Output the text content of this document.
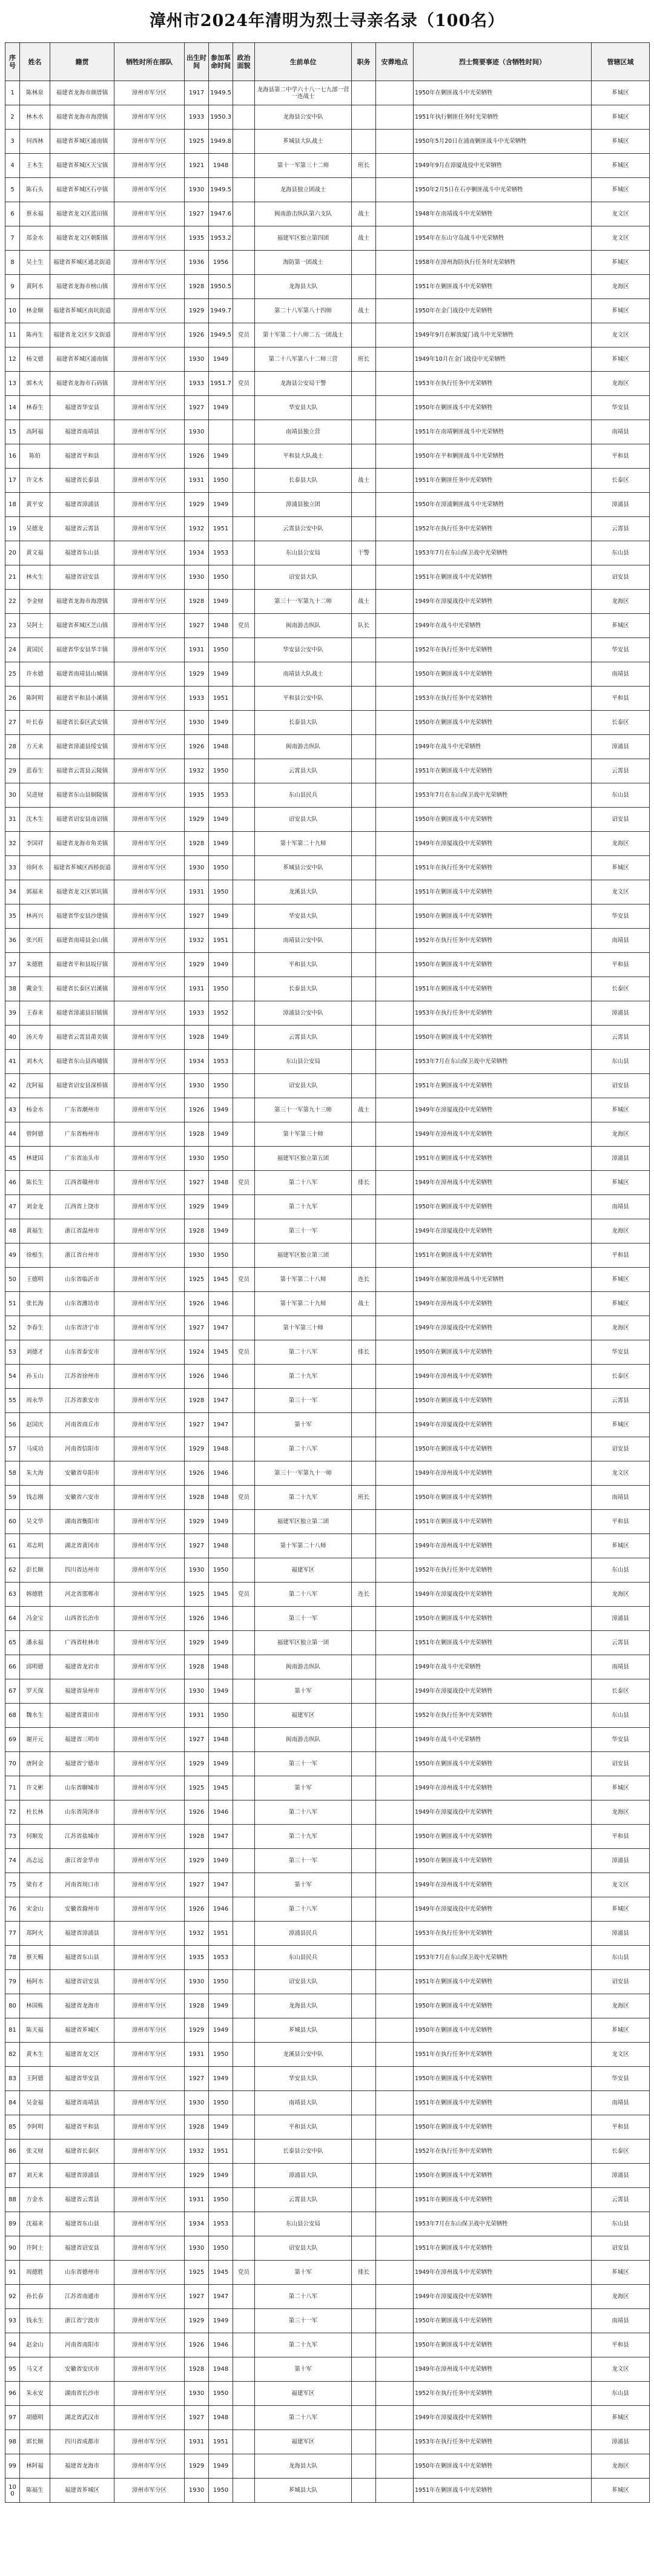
漳州市2024年清明为烈士寻亲名录（100名）
序号	姓名	籍贯	牺牲时所在部队	出生时间	参加革命时间	政治面貌	生前单位	职务	安葬地点	烈士简要事迹（含牺牲时间）	管辖区域
1	陈林泉	福建省龙海市颜厝镇	漳州市军分区	1917	1949.5		龙海县第二中学六十八一七九部一营一连战士			1950年在剿匪战斗中光荣牺牲	芗城区
2	林木水	福建省龙海市海澄镇	漳州市军分区	1933	1950.3		龙海县公安中队			1951年执行剿匪任务时光荣牺牲	芗城区
3	何西林	福建省芗城区浦南镇	漳州市军分区	1925	1949.8		芗城县大队战士			1950年5月20日在浦南剿匪战斗中光荣牺牲	芗城区
4	王木生	福建省芗城区天宝镇	漳州市军分区	1921	1948		第十一军第三十二师	班长		1949年9月在漳厦战役中光荣牺牲	芗城区
5	陈石头	福建省芗城区石亭镇	漳州市军分区	1930	1949.5		龙海县独立团战士			1950年2月5日在石亭剿匪战斗中光荣牺牲	芗城区
6	蔡永福	福建省龙文区蓝田镇	漳州市军分区	1927	1947.6		闽南游击纵队第六支队	战士		1948年在南靖战斗中光荣牺牲	龙文区
7	郑金水	福建省龙文区朝阳镇	漳州市军分区	1935	1953.2		福建军区独立第四团	战士		1954年在东山守岛战斗中光荣牺牲	龙文区
8	吴土生	福建省芗城区通北街道	漳州市军分区	1936	1956		海防第一团战士			1958年在漳州海防执行任务时光荣牺牲	芗城区
9	黄阿水	福建省龙海市榜山镇	漳州市军分区	1928	1950.5		龙海县大队			1951年在剿匪战斗中光荣牺牲	龙海区
10	林金顺	福建省芗城区南坑街道	漳州市军分区	1929	1949.7		第二十八军第八十四师	战士		1950年在金门战役中光荣牺牲	芗城区
11	陈再生	福建省龙文区步文街道	漳州市军分区	1926	1949.5	党员	第十军第二十八师二五一团战士			1949年9月在解放厦门战斗中光荣牺牲	龙文区
12	杨文德	福建省芗城区浦南镇	漳州市军分区	1930	1949		第二十八军第八十二师三营	班长		1949年10月在金门战役中光荣牺牲	芗城区
13	郭木火	福建省龙海市石码镇	漳州市军分区	1933	1951.7	党员	龙海县公安局干警			1953年在执行任务中光荣牺牲	龙海区
14	林春生	福建省华安县	漳州市军分区	1927	1949		华安县大队			1950年在剿匪战斗中光荣牺牲	华安县
15	高阿福	福建省南靖县	漳州市军分区	1930			南靖县独立营			1951年在南靖剿匪战斗中光荣牺牲	南靖县
16	陈伯	福建省平和县	漳州市军分区	1926	1949		平和县大队战士			1950年在平和剿匪战斗中光荣牺牲	平和县
17	许文木	福建省长泰县	漳州市军分区	1931	1950		长泰县大队	战士		1951年在剿匪任务中光荣牺牲	长泰区
18	黄平安	福建省漳浦县	漳州市军分区	1929	1949		漳浦县独立团			1950年在漳浦剿匪战斗中光荣牺牲	漳浦县
19	吴德龙	福建省云霄县	漳州市军分区	1932	1951		云霄县公安中队			1952年在执行任务中光荣牺牲	云霄县
20	黄文福	福建省东山县	漳州市军分区	1934	1953		东山县公安局	干警		1953年7月在东山保卫战中光荣牺牲	东山县
21	林火生	福建省诏安县	漳州市军分区	1930	1950		诏安县大队			1951年在剿匪战斗中光荣牺牲	诏安县
22	李金财	福建省龙海市海澄镇	漳州市军分区	1928	1949		第三十一军第九十二师	战士		1949年在漳厦战役中光荣牺牲	龙海区
23	吴阿土	福建省芗城区芝山镇	漳州市军分区	1927	1948	党员	闽南游击纵队	队长		1949年在战斗中光荣牺牲	芗城区
24	黄国民	福建省华安县华丰镇	漳州市军分区	1931	1950		华安县公安中队			1952年在执行任务中光荣牺牲	华安县
25	许水德	福建省南靖县山城镇	漳州市军分区	1929	1949		南靖县大队战士			1950年在剿匪战斗中光荣牺牲	南靖县
26	陈阿明	福建省平和县小溪镇	漳州市军分区	1933	1951		平和县公安中队			1953年在执行任务中光荣牺牲	平和县
27	叶长春	福建省长泰区武安镇	漳州市军分区	1930	1949		长泰县大队			1950年在剿匪战斗中光荣牺牲	长泰区
28	方天来	福建省漳浦县绥安镇	漳州市军分区	1926	1948		闽南游击纵队			1949年在战斗中光荣牺牲	漳浦县
29	蓝春生	福建省云霄县云陵镇	漳州市军分区	1932	1950		云霄县大队			1951年在剿匪战斗中光荣牺牲	云霄县
30	吴进财	福建省东山县铜陵镇	漳州市军分区	1935	1953		东山县民兵			1953年7月在东山保卫战中光荣牺牲	东山县
31	沈木生	福建省诏安县南诏镇	漳州市军分区	1929	1949		诏安县大队			1950年在剿匪战斗中光荣牺牲	诏安县
32	李国祥	福建省龙海市角美镇	漳州市军分区	1928	1949		第十军第二十九师			1949年在漳厦战役中光荣牺牲	龙海区
33	徐阿水	福建省芗城区西桥街道	漳州市军分区	1930	1950		芗城县公安中队			1951年在执行任务中光荣牺牲	芗城区
34	郭福来	福建省龙文区郭坑镇	漳州市军分区	1931	1950		龙溪县大队			1951年在剿匪战斗中光荣牺牲	龙文区
35	林再兴	福建省华安县沙建镇	漳州市军分区	1927	1949		华安县大队			1950年在剿匪战斗中光荣牺牲	华安县
36	张兴旺	福建省南靖县金山镇	漳州市军分区	1932	1951		南靖县公安中队			1952年在执行任务中光荣牺牲	南靖县
37	朱德胜	福建省平和县坂仔镇	漳州市军分区	1929	1949		平和县大队			1950年在剿匪战斗中光荣牺牲	平和县
38	戴金生	福建省长泰区岩溪镇	漳州市军分区	1931	1950		长泰县大队			1951年在剿匪战斗中光荣牺牲	长泰区
39	王春来	福建省漳浦县旧镇镇	漳州市军分区	1933	1952		漳浦县公安中队			1953年在执行任务中光荣牺牲	漳浦县
40	汤天寿	福建省云霄县莆美镇	漳州市军分区	1928	1949		云霄县大队			1950年在剿匪战斗中光荣牺牲	云霄县
41	刘木火	福建省东山县西埔镇	漳州市军分区	1934	1953		东山县公安局			1953年7月在东山保卫战中光荣牺牲	东山县
42	沈阿福	福建省诏安县深桥镇	漳州市军分区	1930	1950		诏安县大队			1951年在剿匪战斗中光荣牺牲	诏安县
43	杨金水	广东省潮州市	漳州市军分区	1926	1949		第三十一军第九十三师	战士		1949年在漳厦战役中光荣牺牲	芗城区
44	曾阿德	广东省梅州市	漳州市军分区	1928	1949		第十军第三十师			1949年在漳州战斗中光荣牺牲	龙海区
45	林建国	广东省汕头市	漳州市军分区	1930	1950		福建军区独立第五团			1951年在剿匪战斗中光荣牺牲	漳浦县
46	陈长生	江西省赣州市	漳州市军分区	1927	1948	党员	第二十八军	排长		1949年在漳州战斗中光荣牺牲	芗城区
47	刘金龙	江西省上饶市	漳州市军分区	1929	1949		第二十九军			1950年在剿匪战斗中光荣牺牲	南靖县
48	黄福生	浙江省温州市	漳州市军分区	1928	1949		第三十一军			1949年在漳厦战役中光荣牺牲	龙海区
49	徐根生	浙江省台州市	漳州市军分区	1930	1950		福建军区独立第三团			1951年在剿匪战斗中光荣牺牲	平和县
50	王德明	山东省临沂市	漳州市军分区	1925	1945	党员	第十军第二十八师	连长		1949年在解放漳州战斗中光荣牺牲	芗城区
51	张长海	山东省潍坊市	漳州市军分区	1926	1946		第十军第二十九师	战士		1949年在漳州战斗中光荣牺牲	芗城区
52	李春生	山东省济宁市	漳州市军分区	1927	1947		第十军第三十师			1949年在漳厦战役中光荣牺牲	龙海区
53	刘德才	山东省泰安市	漳州市军分区	1924	1945	党员	第二十八军	排长		1950年在剿匪战斗中光荣牺牲	华安县
54	孙玉山	江苏省徐州市	漳州市军分区	1926	1946		第二十九军			1949年在漳州战斗中光荣牺牲	长泰区
55	周永华	江苏省淮安市	漳州市军分区	1928	1947		第三十一军			1950年在剿匪战斗中光荣牺牲	云霄县
56	赵国庆	河南省商丘市	漳州市军分区	1927	1947		第十军			1949年在漳厦战役中光荣牺牲	芗城区
57	马成功	河南省信阳市	漳州市军分区	1929	1948		第二十八军			1950年在剿匪战斗中光荣牺牲	诏安县
58	朱大海	安徽省阜阳市	漳州市军分区	1926	1946		第三十一军第九十一师			1949年在漳州战斗中光荣牺牲	龙文区
59	钱志刚	安徽省六安市	漳州市军分区	1928	1948	党员	第二十九军	班长		1950年在剿匪战斗中光荣牺牲	南靖县
60	吴文华	湖南省衡阳市	漳州市军分区	1929	1949		福建军区独立第二团			1951年在剿匪战斗中光荣牺牲	平和县
61	邓志明	湖北省黄冈市	漳州市军分区	1927	1948		第十军第二十八师			1949年在漳州战斗中光荣牺牲	芗城区
62	彭长顺	四川省达州市	漳州市军分区	1930	1950		福建军区			1952年在执行任务中光荣牺牲	东山县
63	韩德胜	河北省邯郸市	漳州市军分区	1925	1945	党员	第二十八军	连长		1949年在漳厦战役中光荣牺牲	龙海区
64	冯金宝	山西省长治市	漳州市军分区	1926	1946		第三十一军			1950年在剿匪战斗中光荣牺牲	漳浦县
65	潘永福	广西省桂林市	漳州市军分区	1929	1949		福建军区独立第一团			1951年在剿匪战斗中光荣牺牲	云霄县
66	邱明德	福建省龙岩市	漳州市军分区	1928	1948		闽南游击纵队			1949年在战斗中光荣牺牲	南靖县
67	罗天保	福建省泉州市	漳州市军分区	1930	1949		第十军			1949年在漳厦战役中光荣牺牲	长泰区
68	魏水生	福建省莆田市	漳州市军分区	1931	1950		福建军区			1952年在执行任务中光荣牺牲	东山县
69	谢开元	福建省三明市	漳州市军分区	1927	1948		闽南游击纵队			1949年在战斗中光荣牺牲	华安县
70	唐阿金	福建省宁德市	漳州市军分区	1929	1949		第三十一军			1950年在剿匪战斗中光荣牺牲	诏安县
71	许文彬	山东省聊城市	漳州市军分区	1925	1945		第十军			1949年在漳州战斗中光荣牺牲	芗城区
72	杜长林	山东省菏泽市	漳州市军分区	1926	1946		第二十八军			1949年在漳厦战役中光荣牺牲	龙海区
73	何顺发	江苏省盐城市	漳州市军分区	1928	1947		第二十九军			1950年在剿匪战斗中光荣牺牲	平和县
74	高志远	浙江省金华市	漳州市军分区	1929	1949		第三十一军			1950年在剿匪战斗中光荣牺牲	漳浦县
75	梁有才	河南省周口市	漳州市军分区	1927	1947		第十军			1949年在漳州战斗中光荣牺牲	龙文区
76	宋金山	安徽省滁州市	漳州市军分区	1926	1946		第二十八军			1949年在漳厦战役中光荣牺牲	芗城区
77	郑阿火	福建省漳浦县	漳州市军分区	1932	1951		漳浦县民兵			1953年在执行任务中光荣牺牲	漳浦县
78	蔡天赐	福建省东山县	漳州市军分区	1935	1953		东山县民兵			1953年7月在东山保卫战中光荣牺牲	东山县
79	杨阿水	福建省诏安县	漳州市军分区	1930	1950		诏安县大队			1951年在剿匪战斗中光荣牺牲	诏安县
80	林国栋	福建省龙海市	漳州市军分区	1928	1949		龙海县大队			1950年在剿匪战斗中光荣牺牲	龙海区
81	陈天福	福建省芗城区	漳州市军分区	1929	1949		芗城县大队			1950年在剿匪战斗中光荣牺牲	芗城区
82	黄木生	福建省龙文区	漳州市军分区	1931	1950		龙溪县公安中队			1951年在执行任务中光荣牺牲	龙文区
83	王阿德	福建省华安县	漳州市军分区	1927	1949		华安县大队			1950年在剿匪战斗中光荣牺牲	华安县
84	吴金福	福建省南靖县	漳州市军分区	1930	1950		南靖县大队			1951年在剿匪战斗中光荣牺牲	南靖县
85	李阿明	福建省平和县	漳州市军分区	1928	1949		平和县大队			1950年在剿匪战斗中光荣牺牲	平和县
86	张文财	福建省长泰区	漳州市军分区	1932	1951		长泰县公安中队			1952年在执行任务中光荣牺牲	长泰区
87	刘天来	福建省漳浦县	漳州市军分区	1929	1949		漳浦县大队			1950年在剿匪战斗中光荣牺牲	漳浦县
88	方金水	福建省云霄县	漳州市军分区	1931	1950		云霄县大队			1951年在剿匪战斗中光荣牺牲	云霄县
89	沈福来	福建省东山县	漳州市军分区	1934	1953		东山县公安局			1953年7月在东山保卫战中光荣牺牲	东山县
90	许阿土	福建省诏安县	漳州市军分区	1930	1950		诏安县大队			1951年在剿匪战斗中光荣牺牲	诏安县
91	周德胜	山东省德州市	漳州市军分区	1925	1945	党员	第十军	排长		1949年在漳州战斗中光荣牺牲	芗城区
92	孙长春	江苏省南通市	漳州市军分区	1927	1947		第二十八军			1949年在漳厦战役中光荣牺牲	龙海区
93	钱永生	浙江省宁波市	漳州市军分区	1929	1949		第三十一军			1950年在剿匪战斗中光荣牺牲	南靖县
94	赵金山	河南省南阳市	漳州市军分区	1926	1946		第二十九军			1950年在剿匪战斗中光荣牺牲	平和县
95	马文才	安徽省安庆市	漳州市军分区	1928	1948		第十军			1949年在漳州战斗中光荣牺牲	龙文区
96	朱永安	湖南省长沙市	漳州市军分区	1930	1950		福建军区			1952年在执行任务中光荣牺牲	东山县
97	胡德明	湖北省武汉市	漳州市军分区	1927	1948		第二十八军			1949年在漳厦战役中光荣牺牲	芗城区
98	郭长顺	四川省成都市	漳州市军分区	1931	1951		福建军区			1953年在执行任务中光荣牺牲	漳浦县
99	林阿福	福建省龙海市	漳州市军分区	1929	1949		龙海县大队			1950年在剿匪战斗中光荣牺牲	龙海区
100	陈福生	福建省芗城区	漳州市军分区	1930	1950		芗城县大队			1951年在剿匪战斗中光荣牺牲	芗城区
